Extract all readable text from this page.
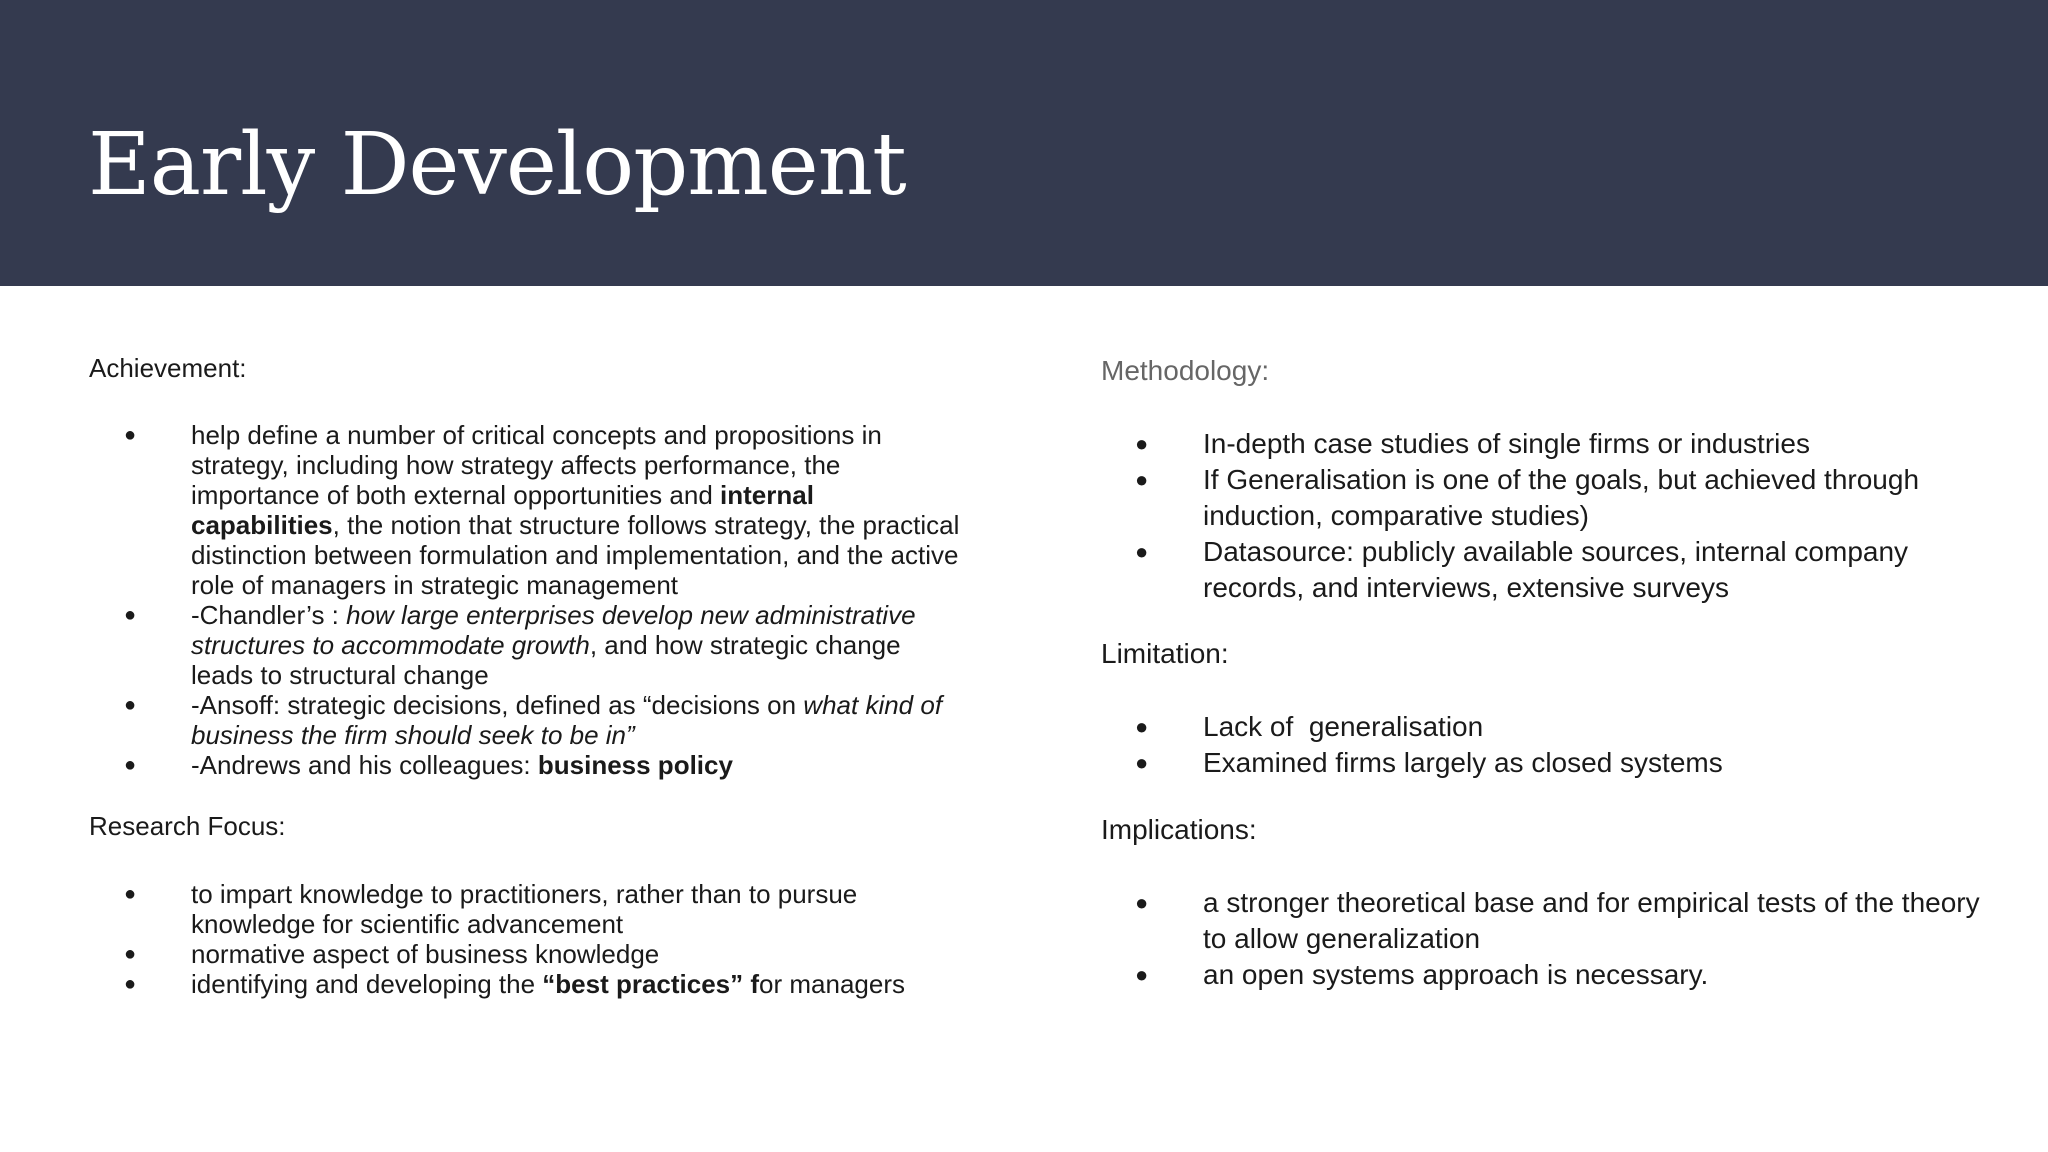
Early Development

Achievement:

● help define a number of critical concepts and propositions in strategy, including how strategy affects performance, the importance of both external opportunities and internal capabilities, the notion that structure follows strategy, the practical distinction between formulation and implementation, and the active role of managers in strategic management
● -Chandler’s : how large enterprises develop new administrative structures to accommodate growth, and how strategic change leads to structural change
● -Ansoff: strategic decisions, defined as “decisions on what kind of business the firm should seek to be in”
● -Andrews and his colleagues: business policy

Research Focus:

● to impart knowledge to practitioners, rather than to pursue knowledge for scientific advancement
● normative aspect of business knowledge
● identifying and developing the “best practices” for managers

Methodology:

● In-depth case studies of single firms or industries
● If Generalisation is one of the goals, but achieved through induction, comparative studies)
● Datasource: publicly available sources, internal company records, and interviews, extensive surveys

Limitation:

● Lack of  generalisation
● Examined firms largely as closed systems

Implications:

● a stronger theoretical base and for empirical tests of the theory to allow generalization
● an open systems approach is necessary.
